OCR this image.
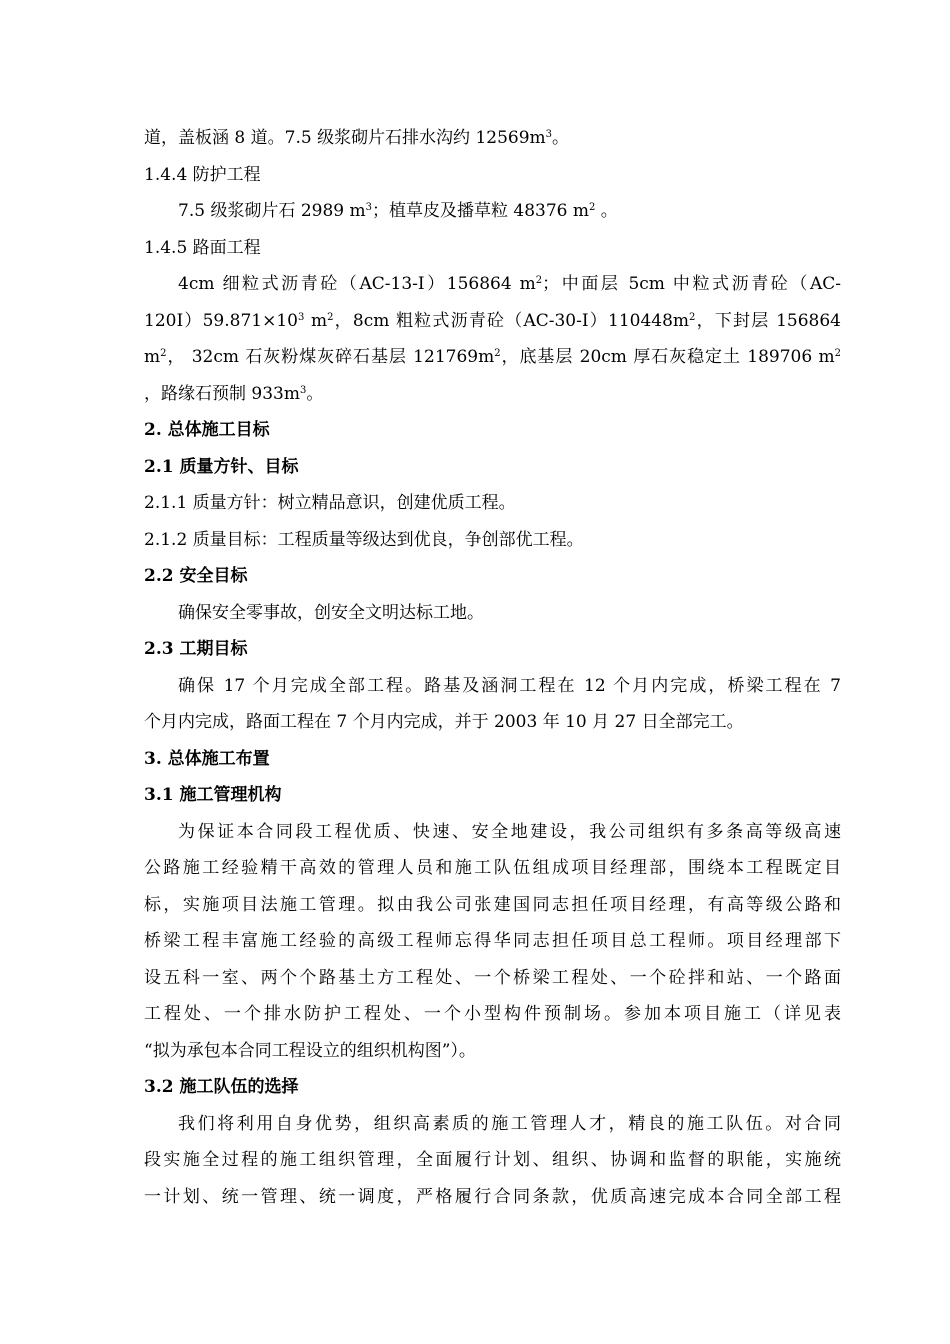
道，盖板涵 8 道。7.5 级浆砌片石排水沟约 $12569m^3$。

1.4.4 防护工程

7.5 级浆砌片石 2989 $m^3$；植草皮及播草粒 48376 $m^2$ 。

1.4.5 路面工程

4cm 细粒式沥青砼（AC-13-I）156864 $m^2$；中面层 5cm 中粒式沥青砼（AC-

$120I)59.871\times 10^3$ $m^2$，8cm 粗粒式沥青砼$(AC-30-I)110448m^2$，下封层 156864

$m^2$， 32cm 石灰粉煤灰碎石基层 $121769m^2$，底基层 20cm 厚石灰稳定土 189706 $m^2$

，路缘石预制 $933m^3$。

2. 总体施工目标

2.1 质量方针、目标

2.1.1 质量方针：树立精品意识，创建优质工程。

2.1.2 质量目标：工程质量等级达到优良，争创部优工程。

2.2 安全目标

确保安全零事故，创安全文明达标工地。

2.3 工期目标

确保 17 个月完成全部工程。路基及涵洞工程在 12 个月内完成，桥梁工程在 7

个月内完成，路面工程在 7 个月内完成，并于 2003 年 10 月 27 日全部完工。

3. 总体施工布置

3.1 施工管理机构

为保证本合同段工程优质、快速、安全地建设，我公司组织有多条高等级高速

公路施工经验精干高效的管理人员和施工队伍组成项目经理部，围绕本工程既定目

标，实施项目法施工管理。拟由我公司张建国同志担任项目经理，有高等级公路和

桥梁工程丰富施工经验的高级工程师忘得华同志担任项目总工程师。项目经理部下

设五科一室、两个个路基土方工程处、一个桥梁工程处、一个砼拌和站、一个路面

工程处、一个排水防护工程处、一个小型构件预制场。参加本项目施工（详见表

“拟为承包本合同工程设立的组织机构图”）。

3.2 施工队伍的选择

我们将利用自身优势，组织高素质的施工管理人才，精良的施工队伍。对合同

段实施全过程的施工组织管理，全面履行计划、组织、协调和监督的职能，实施统

一计划、统一管理、统一调度，严格履行合同条款，优质高速完成本合同全部工程
